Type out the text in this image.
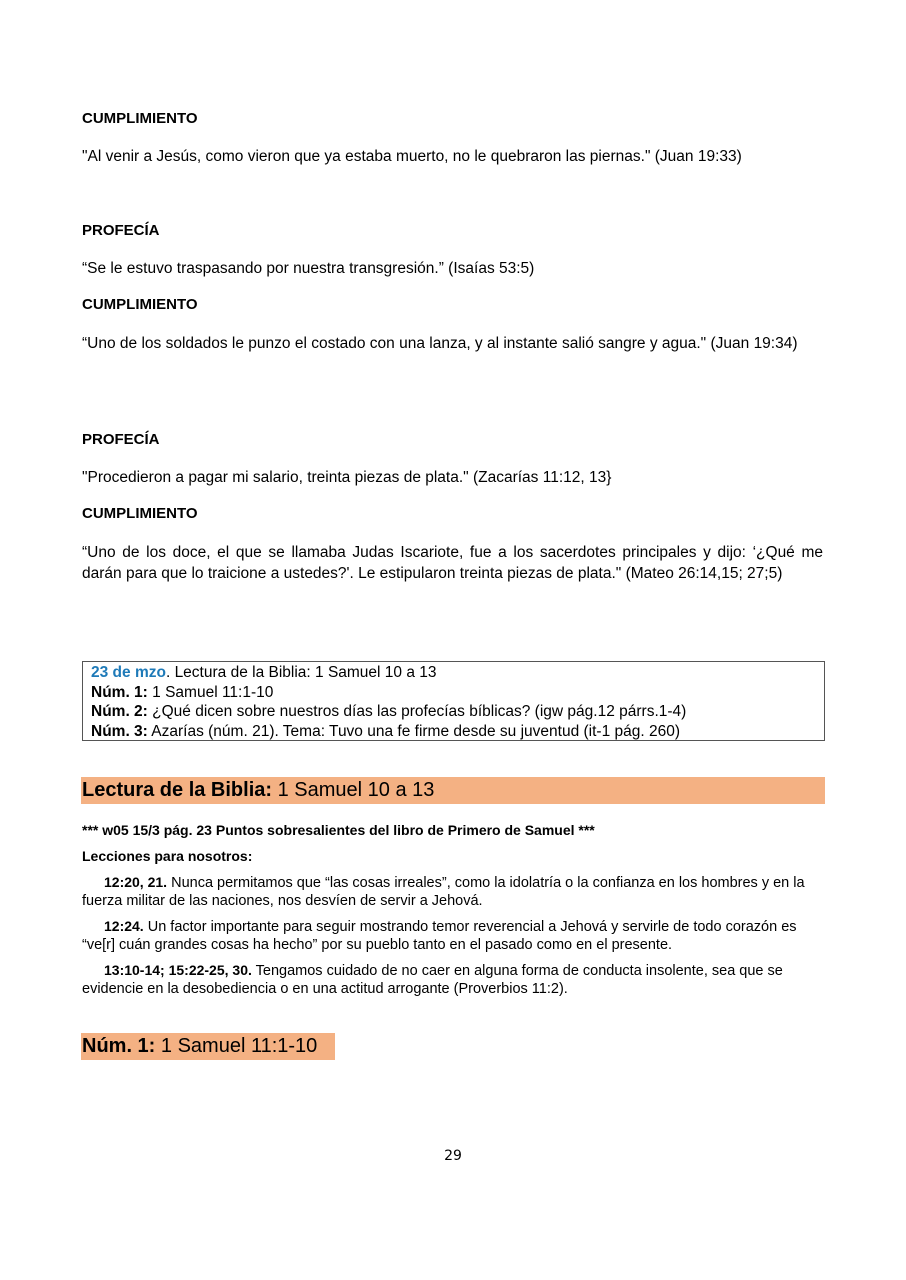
CUMPLIMIENTO
"Al venir a Jesús, como vieron que ya estaba muerto, no le quebraron las piernas." (Juan 19:33)
PROFECÍA
“Se le estuvo traspasando por nuestra transgresión.” (Isaías 53:5)
CUMPLIMIENTO
“Uno de los soldados le punzo el costado con una lanza, y al instante salió sangre y agua." (Juan 19:34)
PROFECÍA
"Procedieron a pagar mi salario, treinta piezas de plata." (Zacarías 11:12, 13}
CUMPLIMIENTO
“Uno de los doce, el que se llamaba Judas Iscariote, fue a los sacerdotes principales y dijo: ‘¿Qué me darán para que lo traicione a ustedes?'. Le estipularon treinta piezas de plata." (Mateo 26:14,15; 27;5)
23 de mzo. Lectura de la Biblia: 1 Samuel 10 a 13
Núm. 1: 1 Samuel 11:1-10
Núm. 2: ¿Qué dicen sobre nuestros días las profecías bíblicas? (igw pág.12 párrs.1-4)
Núm. 3: Azarías (núm. 21). Tema: Tuvo una fe firme desde su juventud (it-1 pág. 260)
Lectura de la Biblia: 1 Samuel 10 a 13
*** w05 15/3 pág. 23 Puntos sobresalientes del libro de Primero de Samuel ***
Lecciones para nosotros:
12:20, 21. Nunca permitamos que “las cosas irreales”, como la idolatría o la confianza en los hombres y en la fuerza militar de las naciones, nos desvíen de servir a Jehová.
12:24. Un factor importante para seguir mostrando temor reverencial a Jehová y servirle de todo corazón es “ve[r] cuán grandes cosas ha hecho” por su pueblo tanto en el pasado como en el presente.
13:10-14; 15:22-25, 30. Tengamos cuidado de no caer en alguna forma de conducta insolente, sea que se evidencie en la desobediencia o en una actitud arrogante (Proverbios 11:2).
Núm. 1: 1 Samuel 11:1-10
29
